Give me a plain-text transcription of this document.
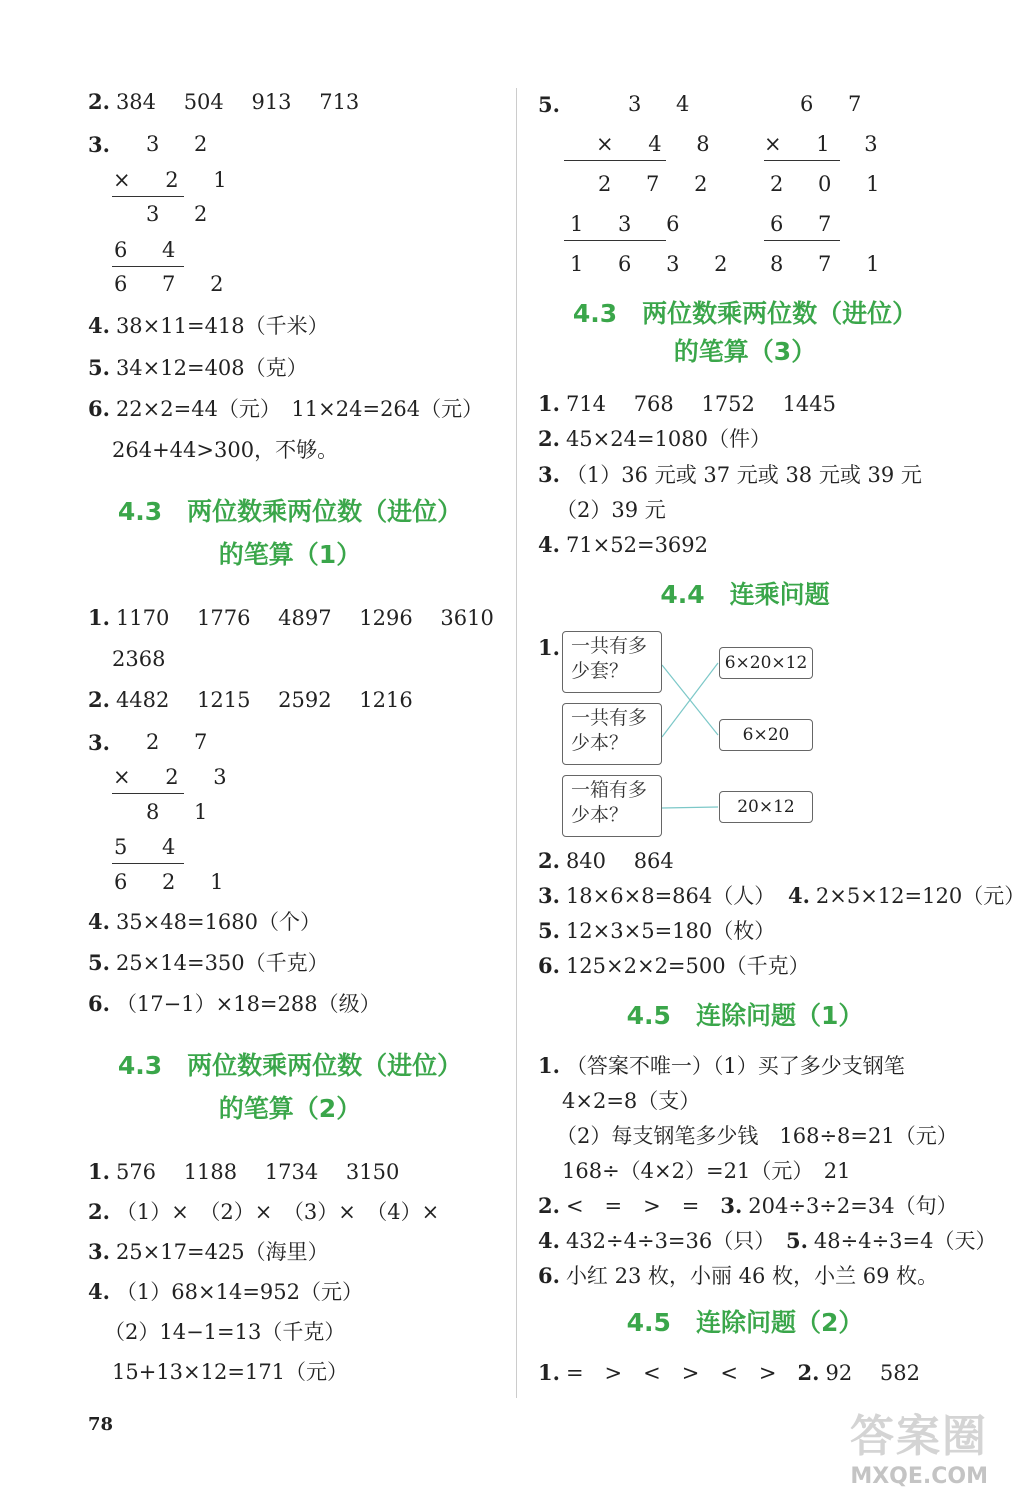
2. 384　 504　 913　 713
3. 3 2
× 2 1
3 2
6 4
6 7 2
4. 38×11=418（千米）
5. 34×12=408（克）
6. 22×2=44（元）　11×24=264（元）
264+44>300，不够。
4.3　两位数乘两位数（进位）
的笔算（1）
1. 1170　 1776　 4897　 1296　 3610
2368
2. 4482　 1215　 2592　 1216
3. 2 7
× 2 3
8 1
5 4
6 2 1
4. 35×48=1680（个）
5. 25×14=350（千克）
6. （17−1）×18=288（级）
4.3　两位数乘两位数（进位）
的笔算（2）
1. 576　 1188　 1734　 3150
2. （1）×　（2）×　（3）×　（4）×
3. 25×17=425（海里）
4. （1）68×14=952（元）
（2）14−1=13（千克）
15+13×12=171（元）
5.	3 4
× 4 8
2 7 2
1 3 6
1 6 3 2
6 7
× 1 3
2 0 1
6 7
8 7 1
4.3　两位数乘两位数（进位）
的笔算（3）
1. 714　 768　 1752　 1445
2. 45×24=1080（件）
3. （1）36 元或 37 元或 38 元或 39 元
（2）39 元
4. 71×52=3692
4.4　连乘问题
1. 一共有多少套？
一共有多少本？
一箱有多少本？
6×20×12
6×20
20×12
2. 840　 864
3. 18×6×8=864（人） 4. 2×5×12=120（元）
5. 12×3×5=180（枚）
6. 125×2×2=500（千克）
4.5　连除问题（1）
1. （答案不唯一）（1）买了多少支钢笔
4×2=8（支）
（2）每支钢笔多少钱　168÷8=21（元）
168÷（4×2）=21（元）　21
2. <　=　>　=　 3. 204÷3÷2=34（句）
4. 432÷4÷3=36（只） 5. 48÷4÷3=4（天）
6. 小红 23 枚，小丽 46 枚，小兰 69 枚。
4.5　连除问题（2）
1. =　>　<　>　<　>　 2. 92　 582
78	答案圈
MXQE.COM
